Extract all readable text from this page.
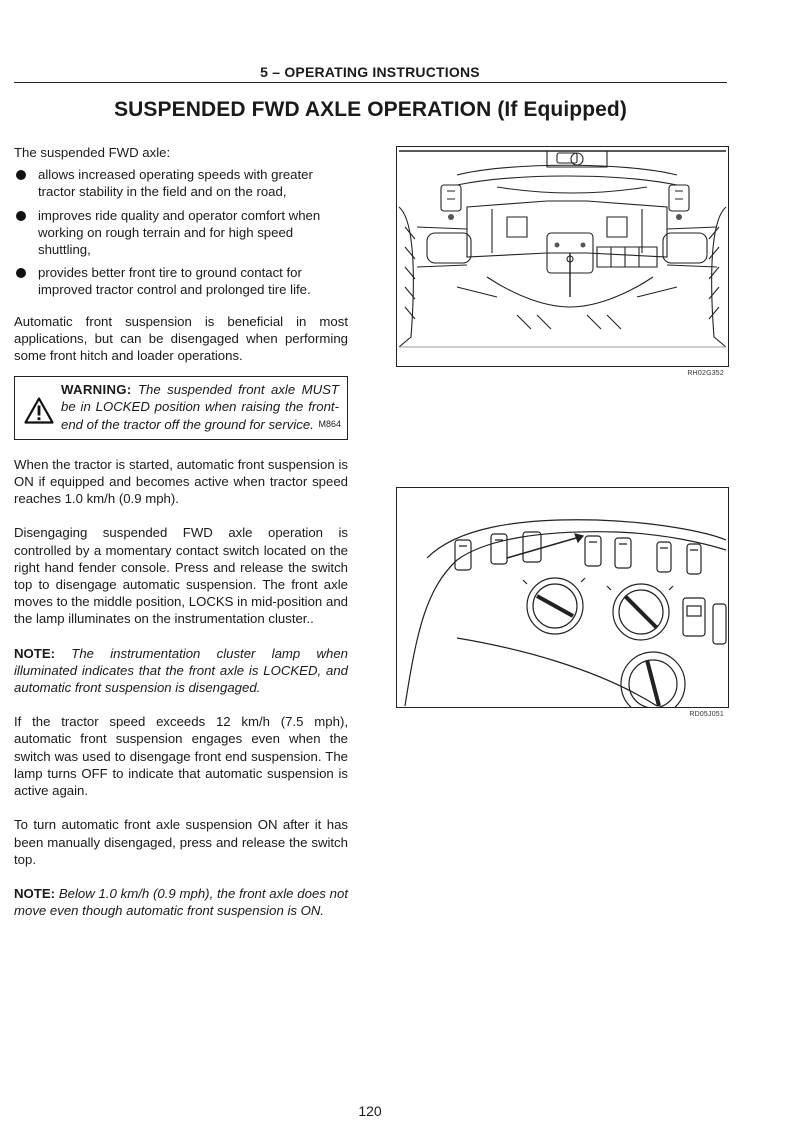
5 – OPERATING INSTRUCTIONS
SUSPENDED FWD AXLE OPERATION (If Equipped)

The suspended FWD axle:

allows increased operating speeds with greater tractor stability in the field and on the road,
improves ride quality and operator comfort when working on rough terrain and for high speed shuttling,
provides better front tire to ground contact for improved tractor control and prolonged tire life.

Automatic front suspension is beneficial in most applications, but can be disengaged when performing some front hitch and loader operations.

WARNING: The suspended front axle MUST be in LOCKED position when raising the front-end of the tractor off the ground for service. M864

When the tractor is started, automatic front suspension is ON if equipped and becomes active when tractor speed reaches 1.0 km/h (0.9 mph).

Disengaging suspended FWD axle operation is controlled by a momentary contact switch located on the right hand fender console. Press and release the switch top to disengage automatic suspension. The front axle moves to the middle position, LOCKS in mid-position and the lamp illuminates on the instrumentation cluster..

NOTE: The instrumentation cluster lamp when illuminated indicates that the front axle is LOCKED, and automatic front suspension is disengaged.

If the tractor speed exceeds 12 km/h (7.5 mph), automatic front suspension engages even when the switch was used to disengage front end suspension. The lamp turns OFF to indicate that automatic suspension is active again.

To turn automatic front axle suspension ON after it has been manually disengaged, press and release the switch top.

NOTE: Below 1.0 km/h (0.9 mph), the front axle does not move even though automatic front suspension is ON.

RH02G352
RD05J051
120
